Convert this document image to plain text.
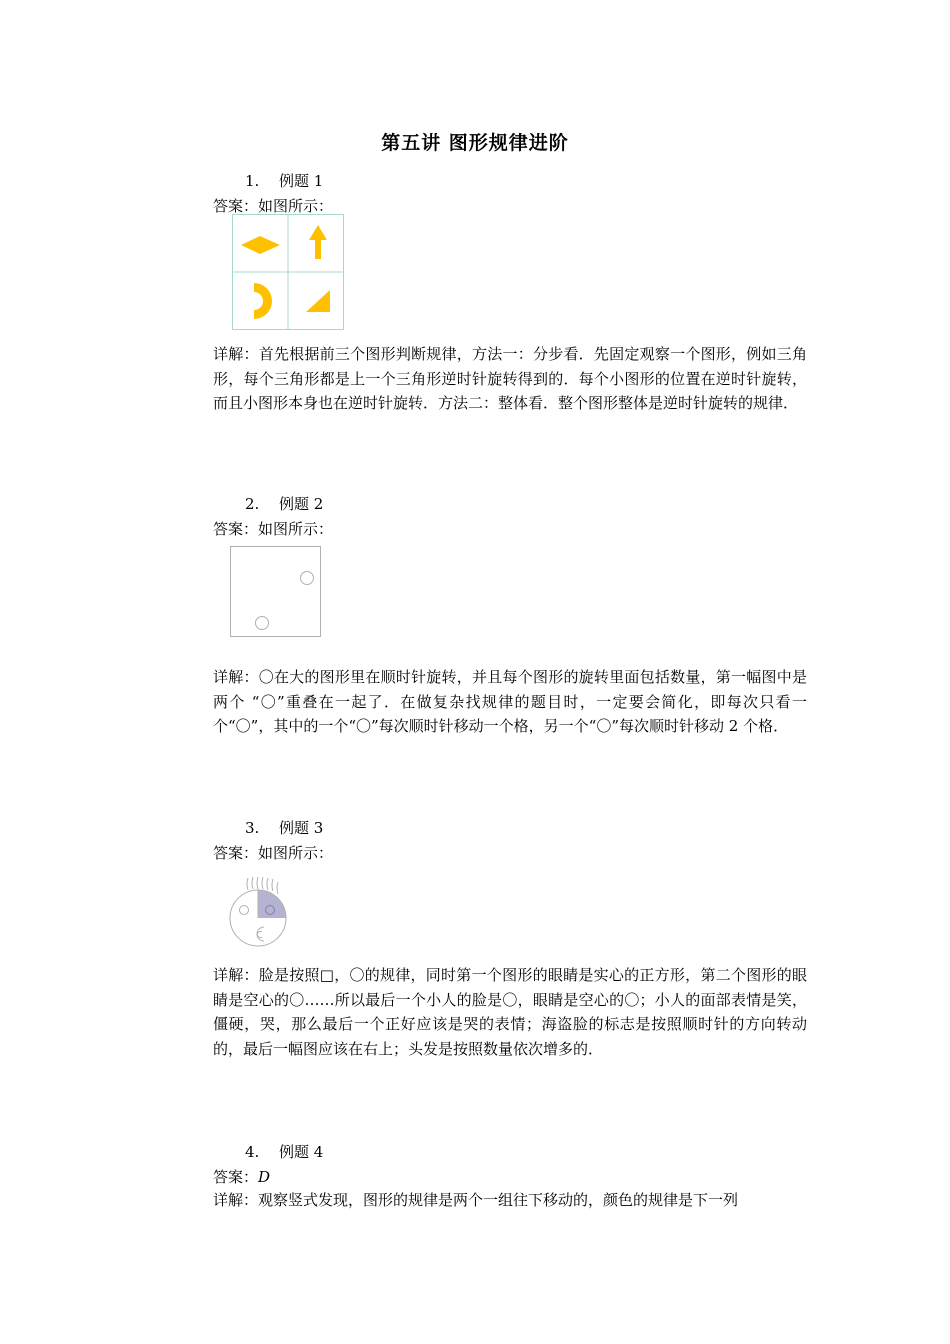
第五讲 图形规律进阶
1. 例题 1
答案：如图所示：
详解：首先根据前三个图形判断规律，方法一：分步看．先固定观察一个图形，例如三角形，每个三角形都是上一个三角形逆时针旋转得到的．每个小图形的位置在逆时针旋转，而且小图形本身也在逆时针旋转．方法二：整体看．整个图形整体是逆时针旋转的规律．
2. 例题 2
答案：如图所示：
详解：〇在大的图形里在顺时针旋转，并且每个图形的旋转里面包括数量，第一幅图中是两个 “〇”重叠在一起了．在做复杂找规律的题目时，一定要会简化，即每次只看一个“〇”，其中的一个“〇”每次顺时针移动一个格，另一个“〇”每次顺时针移动 2 个格．
3. 例题 3
答案：如图所示：
详解：脸是按照□，〇的规律，同时第一个图形的眼睛是实心的正方形，第二个图形的眼睛是空心的〇……所以最后一个小人的脸是〇，眼睛是空心的〇；小人的面部表情是笑，僵硬，哭，那么最后一个正好应该是哭的表情；海盗脸的标志是按照顺时针的方向转动的，最后一幅图应该在右上；头发是按照数量依次增多的．
4. 例题 4
答案：D
详解：观察竖式发现，图形的规律是两个一组往下移动的，颜色的规律是下一列
